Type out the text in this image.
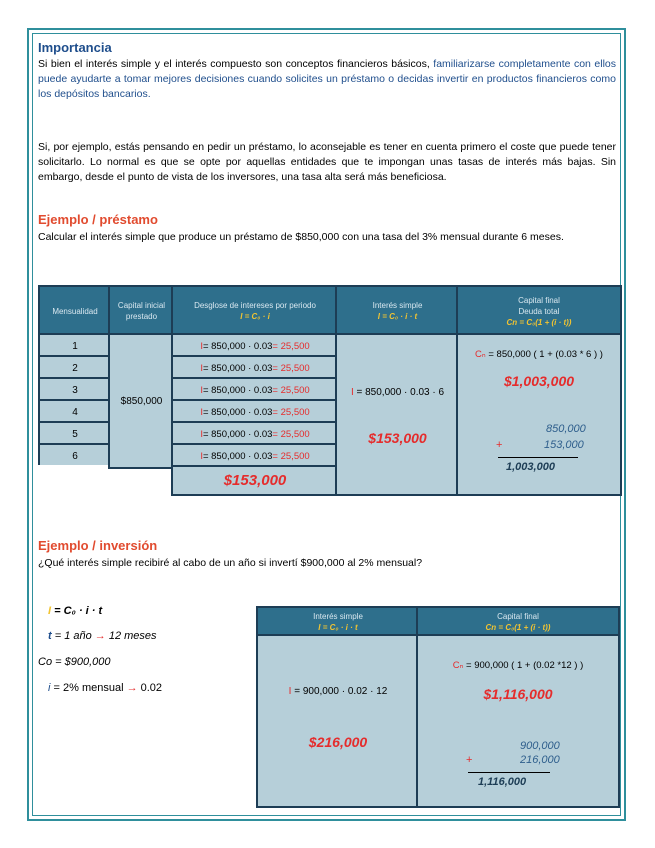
Importancia

Si bien el interés simple y el interés compuesto son conceptos financieros básicos, familiarizarse completamente con ellos puede ayudarte a tomar mejores decisiones cuando solicites un préstamo o decidas invertir en productos financieros como los depósitos bancarios.

Si, por ejemplo, estás pensando en pedir un préstamo, lo aconsejable es tener en cuenta primero el coste que puede tener solicitarlo. Lo normal es que se opte por aquellas entidades que te impongan unas tasas de interés más bajas. Sin embargo, desde el punto de vista de los inversores, una tasa alta será más beneficiosa.

Ejemplo / préstamo

Calcular el interés simple que produce un préstamo de $850,000 con una tasa del 3% mensual durante 6 meses.

Mensualidad
Capital inicial prestado
Desglose de intereses por periodo
I = C₀ · i
Interés simple
I = C₀ · i · t
Capital final
Deuda total
Cn = C₀(1 + (i · t))
1
2
3
4
5
6
$850,000
I = 850,000 · 0.03 = 25,500
I = 850,000 · 0.03 = 25,500
I = 850,000 · 0.03 = 25,500
I = 850,000 · 0.03 = 25,500
I = 850,000 · 0.03 = 25,500
I = 850,000 · 0.03 = 25,500
$153,000
I = 850,000 · 0.03 · 6
$153,000
Cₙ = 850,000 ( 1 + (0.03 * 6 ) )
$1,003,000
850,000
+	153,000
1,003,000
Ejemplo / inversión

¿Qué interés simple recibiré al cabo de un año si invertí $900,000 al 2% mensual?

I = C₀ · i · t
t = 1 año → 12 meses
Co = $900,000
i = 2% mensual → 0.02
Interés simple
I = C₀ · i · t
Capital final
Cn = C₀(1 + (i · t))
I = 900,000 · 0.02 · 12
$216,000
Cₙ = 900,000 ( 1 + (0.02 *12 ) )
$1,116,000
900,000
+	216,000
1,116,000
